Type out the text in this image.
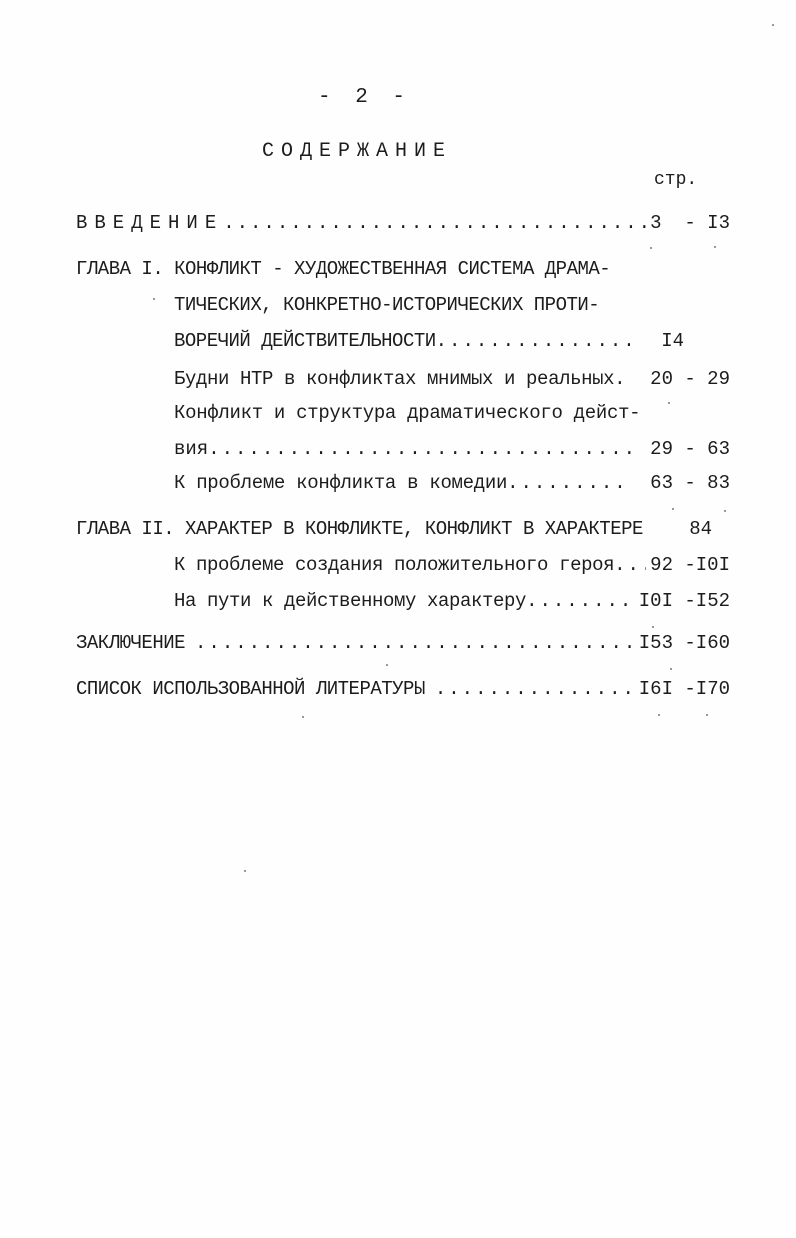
- 2 -
СОДЕРЖАНИЕ
стр.
ВВЕДЕНИЕ .....	3  - I3
ГЛАВА I. КОНФЛИКТ - ХУДОЖЕСТВЕННАЯ СИСТЕМА ДРАМА-
ТИЧЕСКИХ, КОНКРЕТНО-ИСТОРИЧЕСКИХ ПРОТИ-
ВОРЕЧИЙ ДЕЙСТВИТЕЛЬНОСТИ .....	I4
Будни НТР в конфликтах мнимых и реальных. 20 - 29
Конфликт и структура драматического дейст-
вия .....	29 - 63
К проблеме конфликта в комедии .....	63 - 83
ГЛАВА II. ХАРАКТЕР В КОНФЛИКТЕ, КОНФЛИКТ В ХАРАКТЕРЕ 84
К проблеме создания положительного героя ..... 92 -I0I
На пути к действенному характеру .....	I0I -I52
ЗАКЛЮЧЕНИЕ .....	I53 -I60
СПИСОК ИСПОЛЬЗОВАННОЙ ЛИТЕРАТУРЫ .....	I6I -I70
